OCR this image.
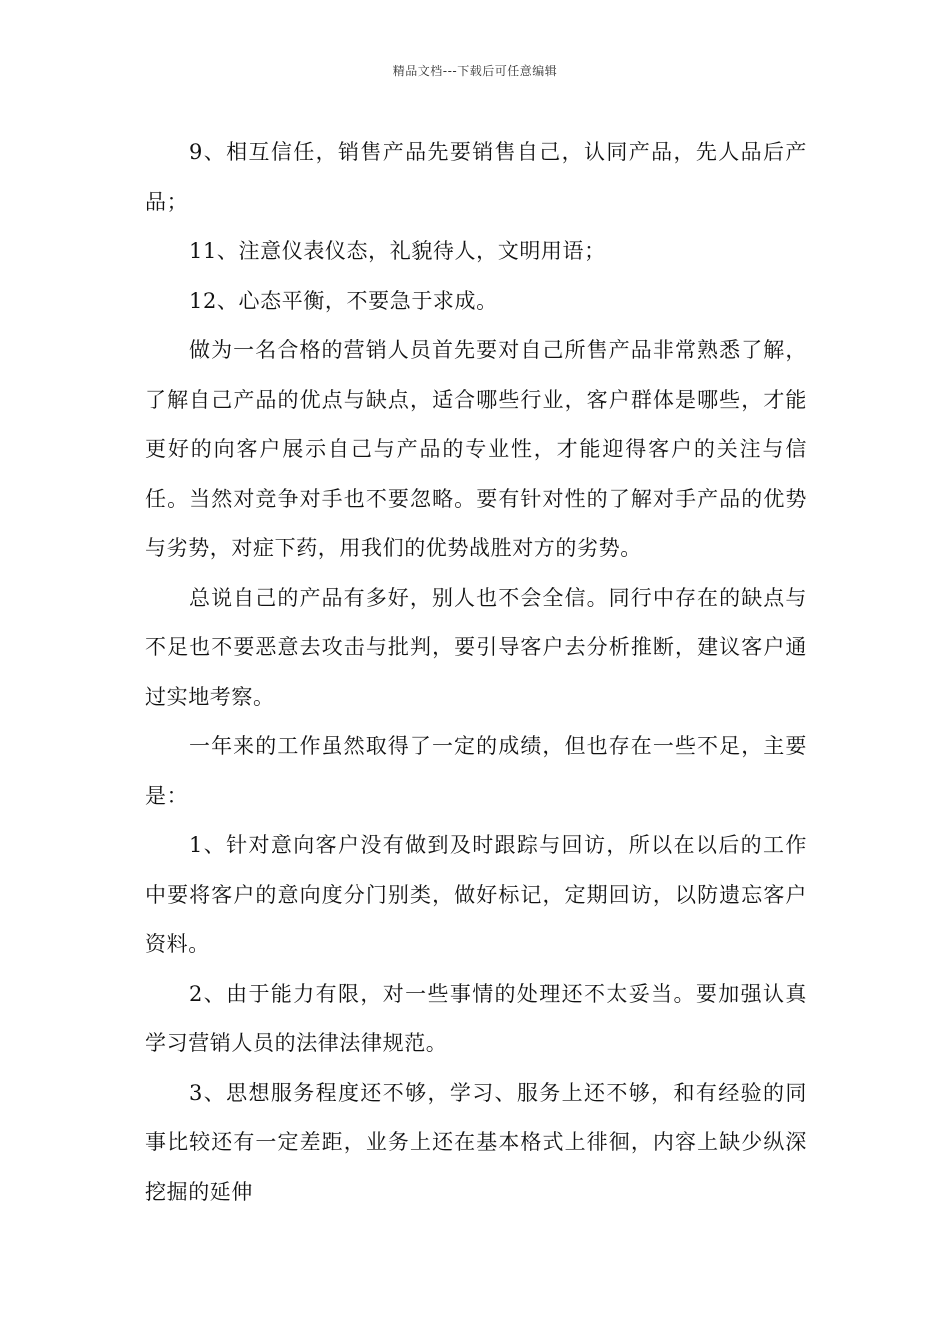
精品文档---下载后可任意编辑

9、相互信任，销售产品先要销售自己，认同产品，先人品后产品；

11、注意仪表仪态，礼貌待人，文明用语；

12、心态平衡，不要急于求成。

做为一名合格的营销人员首先要对自己所售产品非常熟悉了解，了解自己产品的优点与缺点，适合哪些行业，客户群体是哪些，才能更好的向客户展示自己与产品的专业性，才能迎得客户的关注与信任。当然对竞争对手也不要忽略。要有针对性的了解对手产品的优势与劣势，对症下药，用我们的优势战胜对方的劣势。

总说自己的产品有多好，别人也不会全信。同行中存在的缺点与不足也不要恶意去攻击与批判，要引导客户去分析推断，建议客户通过实地考察。

一年来的工作虽然取得了一定的成绩，但也存在一些不足，主要是：

1、针对意向客户没有做到及时跟踪与回访，所以在以后的工作中要将客户的意向度分门别类，做好标记，定期回访，以防遗忘客户资料。

2、由于能力有限，对一些事情的处理还不太妥当。要加强认真学习营销人员的法律法律规范。

3、思想服务程度还不够，学习、服务上还不够，和有经验的同事比较还有一定差距，业务上还在基本格式上徘徊，内容上缺少纵深挖掘的延伸
